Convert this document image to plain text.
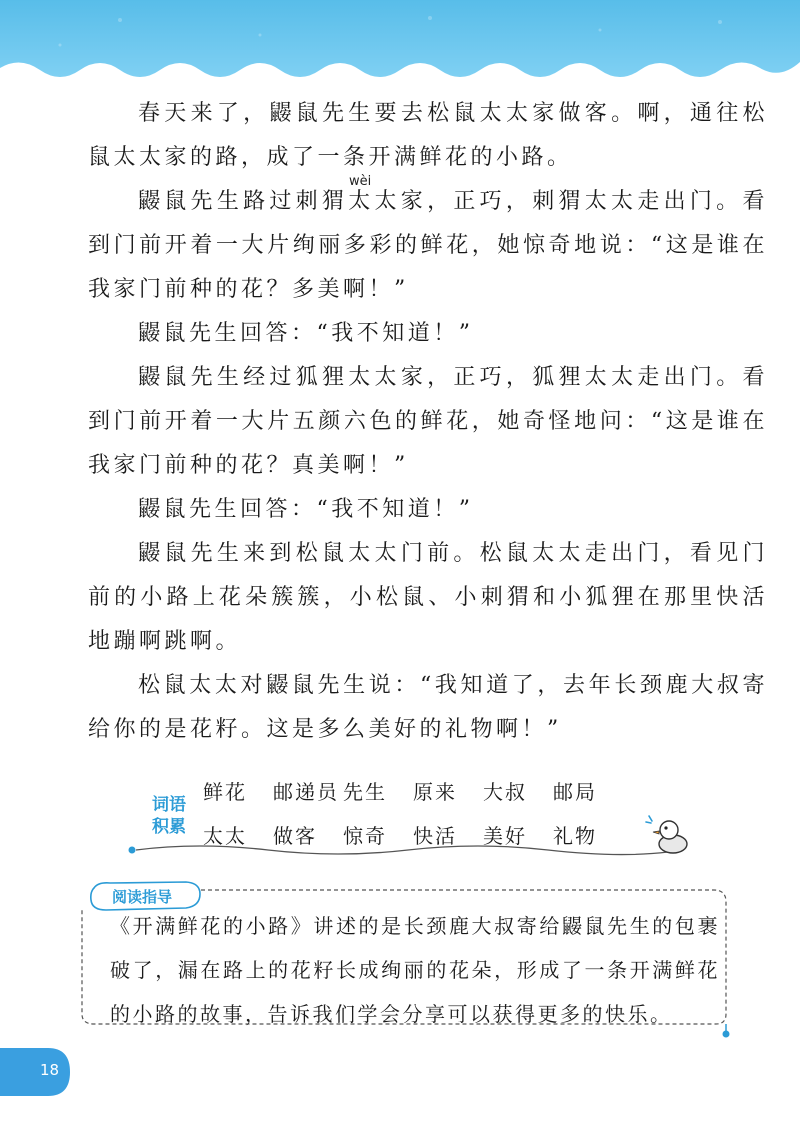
春天来了，鼹鼠先生要去松鼠太太家做客。啊，通往松鼠太太家的路，成了一条开满鲜花的小路。

鼹鼠先生路过刺
wèi
猬太太家，正巧，刺猬太太走出门。看到门前开着一大片绚丽多彩的鲜花，她惊奇地说：“这是谁在我家门前种的花？多美啊！”

鼹鼠先生回答：“我不知道！”

鼹鼠先生经过狐狸太太家，正巧，狐狸太太走出门。看到门前开着一大片五颜六色的鲜花，她奇怪地问：“这是谁在我家门前种的花？真美啊！”

鼹鼠先生回答：“我不知道！”

鼹鼠先生来到松鼠太太门前。松鼠太太走出门，看见门前的小路上花朵簇簇，小松鼠、小刺猬和小狐狸在那里快活地蹦啊跳啊。

松鼠太太对鼹鼠先生说：“我知道了，去年长颈鹿大叔寄给你的是花籽。这是多么美好的礼物啊！”

词语
积累
鲜花	邮递员 先生	原来	大叔	邮局
太太	做客	惊奇	快活	美好	礼物
阅读指导

《开满鲜花的小路》讲述的是长颈鹿大叔寄给鼹鼠先生的包裹破了，漏在路上的花籽长成绚丽的花朵，形成了一条开满鲜花的小路的故事，告诉我们学会分享可以获得更多的快乐。

18
